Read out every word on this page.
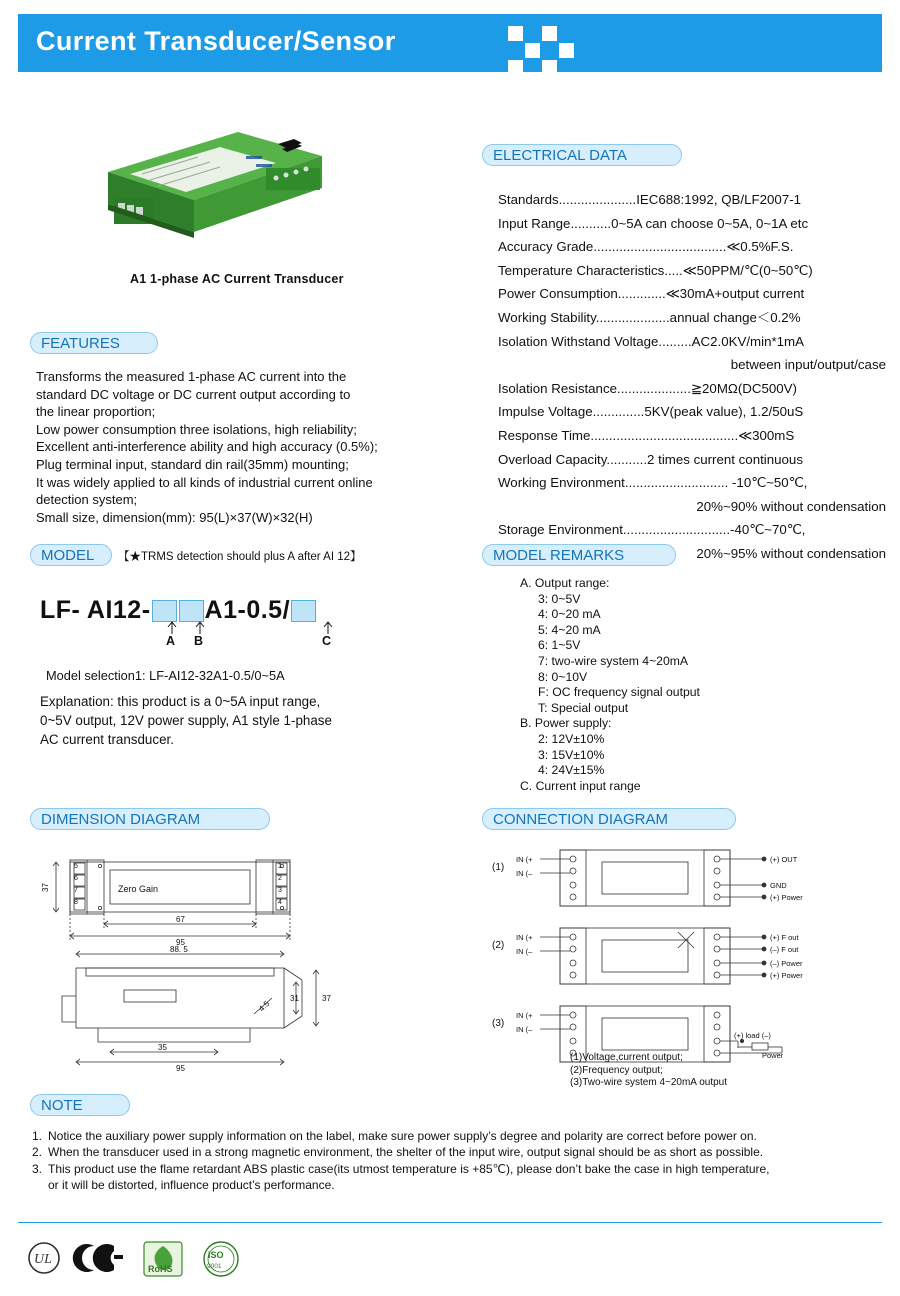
Current Transducer/Sensor
A1 1-phase AC Current Transducer
ELECTRICAL DATA
Standards.....................IEC688:1992, QB/LF2007-1
Input Range...........0~5A can choose 0~5A, 0~1A etc
Accuracy Grade....................................≪0.5%F.S.
Temperature Characteristics.....≪50PPM/℃(0~50℃)
Power Consumption.............≪30mA+output current
Working Stability....................annual change＜0.2%
Isolation Withstand Voltage.........AC2.0KV/min*1mA
between input/output/case
Isolation Resistance....................≧20MΩ(DC500V)
Impulse Voltage..............5KV(peak value), 1.2/50uS
Response Time........................................≪300mS
Overload Capacity...........2 times current continuous
Working Environment............................ -10℃~50℃,
20%~90% without condensation
Storage Environment.............................-40℃~70℃,
20%~95% without condensation
FEATURES
Transforms the measured 1-phase AC current into the
standard DC voltage or DC current output according to
the linear proportion;
Low power consumption three isolations, high reliability;
Excellent anti-interference ability and high accuracy (0.5%);
Plug terminal input, standard din rail(35mm) mounting;
It was widely applied to all kinds of industrial current online
detection system;
Small size, dimension(mm): 95(L)×37(W)×32(H)
MODEL 【★TRMS detection should plus A after AI 12】
LF- AI12- A1-0.5/
A B	C
Model selection1: LF-AI12-32A1-0.5/0~5A
Explanation: this product is a 0~5A input range,
0~5V output, 12V power supply, A1 style 1-phase
AC current transducer.
MODEL REMARKS
A. Output range:
3: 0~5V
4: 0~20 mA
5: 4~20 mA
6: 1~5V
7: two-wire system 4~20mA
8: 0~10V
F: OC frequency signal output
T: Special output
B. Power supply:
2: 12V±10%
3: 15V±10%
4: 24V±15%
C. Current input range
DIMENSION DIAGRAM
5
6
7
8
1
2
3
4
37
67
95
88. 5
31	37
4.5
35
95
Zero Gain
CONNECTION DIAGRAM
IN (+
IN (–
(+) OUT
GND
(+) Power
IN (+
IN (–
(+) F out
(–) F out
(–) Power
(+) Power
IN (+
IN (–
(+) load (–)
Power
(1)
(2)
(3)
(1)Voltage,current output;
(2)Frequency output;
(3)Two-wire system 4~20mA output
NOTE
1. Notice the auxiliary power supply information on the label, make sure power supply’s degree and polarity are correct before power on.
2. When the transducer used in a strong magnetic environment, the shelter of the input wire, output signal should be as short as possible.
3. This product use the flame retardant ABS plastic case(its utmost temperature is +85℃), please don’t bake the case in high temperature,
or it will be distorted, influence product’s performance.
UL
RoHS
ISO
9001
